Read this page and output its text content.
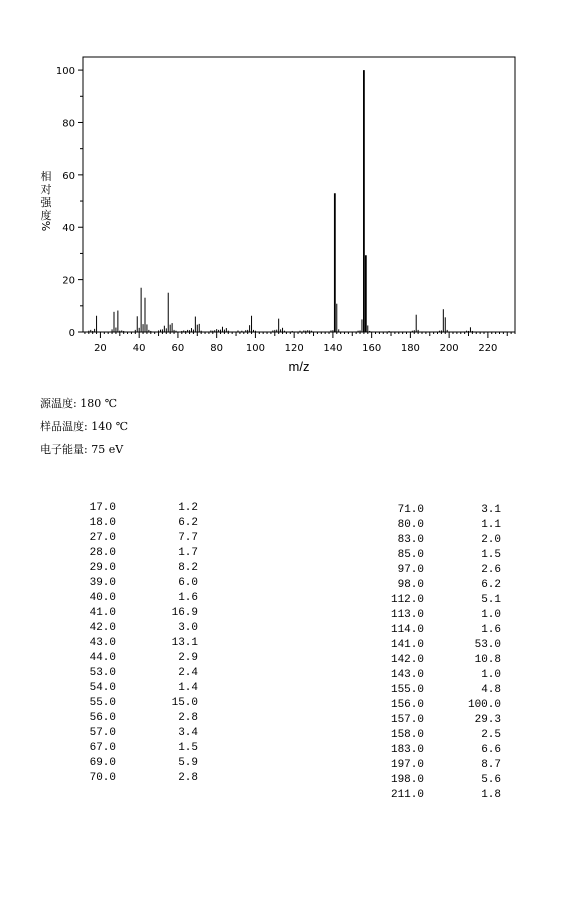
0
20
40
60
80
100
20	40	60	80 100 120 140 160 180 200 220
m/z
相
对
强
度
%
源温度: 180 ℃
样品温度: 140 ℃
电子能量: 75 eV
17.0	1.2
18.0	6.2
27.0	7.7
28.0	1.7
29.0	8.2
39.0	6.0
40.0	1.6
41.0	16.9
42.0	3.0
43.0	13.1
44.0	2.9
53.0	2.4
54.0	1.4
55.0	15.0
56.0	2.8
57.0	3.4
67.0	1.5
69.0	5.9
70.0	2.8
71.0	3.1
80.0	1.1
83.0	2.0
85.0	1.5
97.0	2.6
98.0	6.2
112.0	5.1
113.0	1.0
114.0	1.6
141.0	53.0
142.0	10.8
143.0	1.0
155.0	4.8
156.0	100.0
157.0	29.3
158.0	2.5
183.0	6.6
197.0	8.7
198.0	5.6
211.0	1.8
